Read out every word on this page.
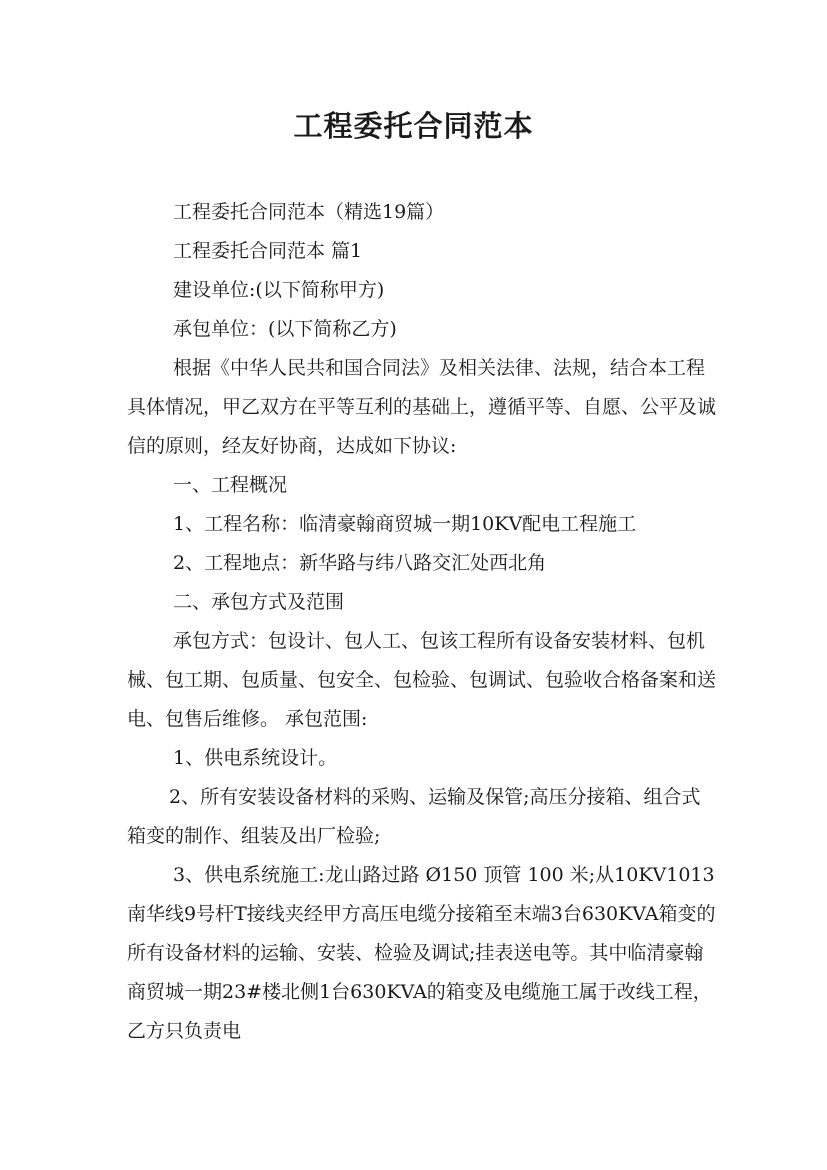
工程委托合同范本

工程委托合同范本（精选19篇）

工程委托合同范本 篇1

建设单位:(以下简称甲方)

承包单位：(以下简称乙方)

根据《中华人民共和国合同法》及相关法律、法规，结合本工程具体情况，甲乙双方在平等互利的基础上，遵循平等、自愿、公平及诚信的原则，经友好协商，达成如下协议:

一、工程概况

1、工程名称：临清豪翰商贸城一期10KV配电工程施工

2、工程地点：新华路与纬八路交汇处西北角

二、承包方式及范围

承包方式：包设计、包人工、包该工程所有设备安装材料、包机械、包工期、包质量、包安全、包检验、包调试、包验收合格备案和送电、包售后维修。 承包范围:

1、供电系统设计。

2、所有安装设备材料的采购、运输及保管;高压分接箱、组合式箱变的制作、组装及出厂检验;

3、供电系统施工:龙山路过路 Ø150 顶管 100 米;从10KV1013南华线9号杆T接线夹经甲方高压电缆分接箱至末端3台630KVA箱变的所有设备材料的运输、安装、检验及调试;挂表送电等。其中临清豪翰商贸城一期23#楼北侧1台630KVA的箱变及电缆施工属于改线工程，乙方只负责电
